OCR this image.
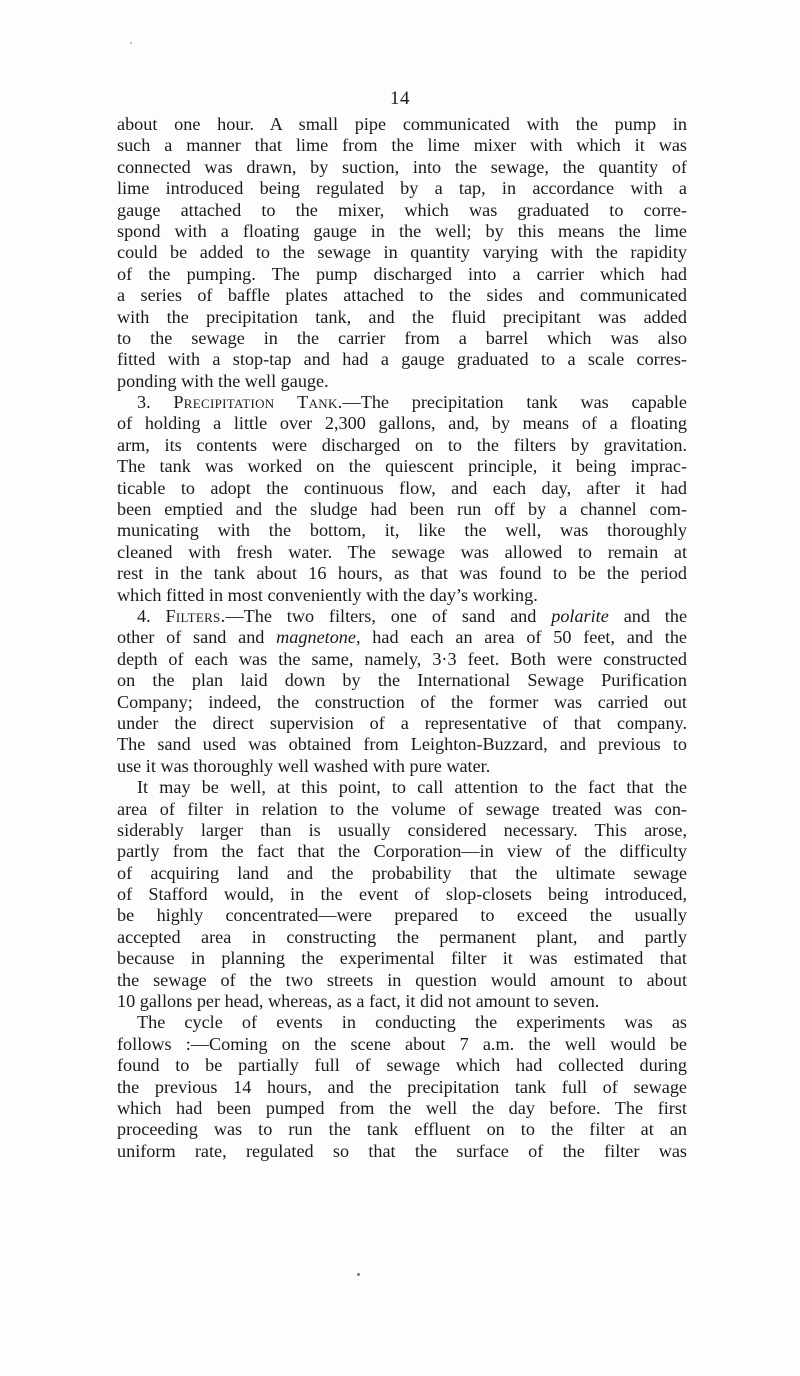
14
about one hour. A small pipe communicated with the pump in
such a manner that lime from the lime mixer with which it was
connected was drawn, by suction, into the sewage, the quantity of
lime introduced being regulated by a tap, in accordance with a
gauge attached to the mixer, which was graduated to corre-
spond with a floating gauge in the well; by this means the lime
could be added to the sewage in quantity varying with the rapidity
of the pumping. The pump discharged into a carrier which had
a series of baffle plates attached to the sides and communicated
with the precipitation tank, and the fluid precipitant was added
to the sewage in the carrier from a barrel which was also
fitted with a stop-tap and had a gauge graduated to a scale corres-
ponding with the well gauge.
3. Precipitation Tank.—The precipitation tank was capable
of holding a little over 2,300 gallons, and, by means of a floating
arm, its contents were discharged on to the filters by gravitation.
The tank was worked on the quiescent principle, it being imprac-
ticable to adopt the continuous flow, and each day, after it had
been emptied and the sludge had been run off by a channel com-
municating with the bottom, it, like the well, was thoroughly
cleaned with fresh water. The sewage was allowed to remain at
rest in the tank about 16 hours, as that was found to be the period
which fitted in most conveniently with the day’s working.
4. Filters.—The two filters, one of sand and polarite and the
other of sand and magnetone, had each an area of 50 feet, and the
depth of each was the same, namely, 3·3 feet. Both were constructed
on the plan laid down by the International Sewage Purification
Company; indeed, the construction of the former was carried out
under the direct supervision of a representative of that company.
The sand used was obtained from Leighton-Buzzard, and previous to
use it was thoroughly well washed with pure water.
It may be well, at this point, to call attention to the fact that the
area of filter in relation to the volume of sewage treated was con-
siderably larger than is usually considered necessary. This arose,
partly from the fact that the Corporation—in view of the difficulty
of acquiring land and the probability that the ultimate sewage
of Stafford would, in the event of slop-closets being introduced,
be highly concentrated—were prepared to exceed the usually
accepted area in constructing the permanent plant, and partly
because in planning the experimental filter it was estimated that
the sewage of the two streets in question would amount to about
10 gallons per head, whereas, as a fact, it did not amount to seven.
The cycle of events in conducting the experiments was as
follows :—Coming on the scene about 7 a.m. the well would be
found to be partially full of sewage which had collected during
the previous 14 hours, and the precipitation tank full of sewage
which had been pumped from the well the day before. The first
proceeding was to run the tank effluent on to the filter at an
uniform rate, regulated so that the surface of the filter was
